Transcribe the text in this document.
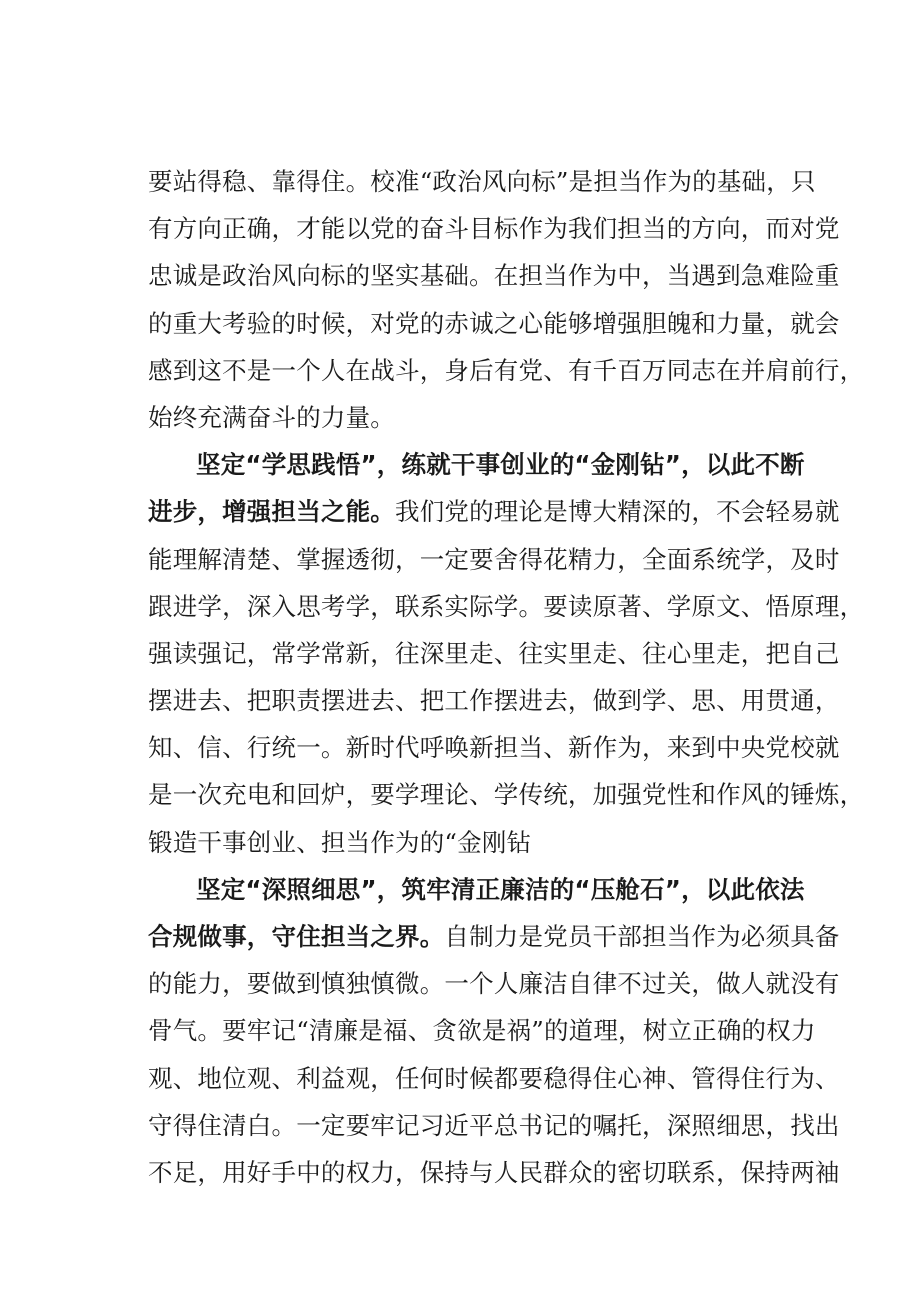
要站得稳、靠得住。校准“政治风向标”是担当作为的基础，只
有方向正确，才能以党的奋斗目标作为我们担当的方向，而对党
忠诚是政治风向标的坚实基础。在担当作为中，当遇到急难险重
的重大考验的时候，对党的赤诚之心能够增强胆魄和力量，就会
感到这不是一个人在战斗，身后有党、有千百万同志在并肩前行，
始终充满奋斗的力量。
坚定“学思践悟”，练就干事创业的“金刚钻”，以此不断
进步，增强担当之能。我们党的理论是博大精深的，不会轻易就
能理解清楚、掌握透彻，一定要舍得花精力，全面系统学，及时
跟进学，深入思考学，联系实际学。要读原著、学原文、悟原理，
强读强记，常学常新，往深里走、往实里走、往心里走，把自己
摆进去、把职责摆进去、把工作摆进去，做到学、思、用贯通，
知、信、行统一。新时代呼唤新担当、新作为，来到中央党校就
是一次充电和回炉，要学理论、学传统，加强党性和作风的锤炼，
锻造干事创业、担当作为的“金刚钻
坚定“深照细思”，筑牢清正廉洁的“压舱石”，以此依法
合规做事，守住担当之界。自制力是党员干部担当作为必须具备
的能力，要做到慎独慎微。一个人廉洁自律不过关，做人就没有
骨气。要牢记“清廉是福、贪欲是祸”的道理，树立正确的权力
观、地位观、利益观，任何时候都要稳得住心神、管得住行为、
守得住清白。一定要牢记习近平总书记的嘱托，深照细思，找出
不足，用好手中的权力，保持与人民群众的密切联系，保持两袖
